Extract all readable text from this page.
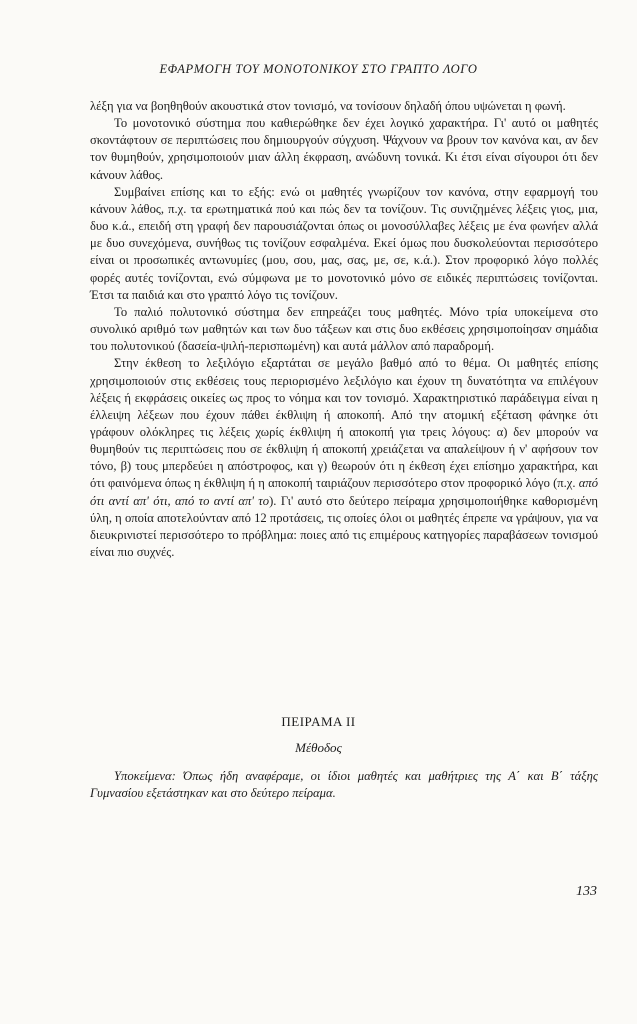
ΕΦΑΡΜΟΓΗ ΤΟΥ ΜΟΝΟΤΟΝΙΚΟΥ ΣΤΟ ΓΡΑΠΤΟ ΛΟΓΟ

λέξη για να βοηθηθούν ακουστικά στον τονισμό, να τονίσουν δηλαδή όπου υψώνεται η φωνή.

Το μονοτονικό σύστημα που καθιερώθηκε δεν έχει λογικό χαρακτήρα. Γι' αυτό οι μαθητές σκοντάφτουν σε περιπτώσεις που δημιουργούν σύγχυση. Ψάχνουν να βρουν τον κανόνα και, αν δεν τον θυμηθούν, χρησιμοποιούν μιαν άλλη έκφραση, ανώδυνη τονικά. Κι έτσι είναι σίγουροι ότι δεν κάνουν λάθος.

Συμβαίνει επίσης και το εξής: ενώ οι μαθητές γνωρίζουν τον κανόνα, στην εφαρμογή του κάνουν λάθος, π.χ. τα ερωτηματικά πού και πώς δεν τα τονίζουν. Τις συνιζημένες λέξεις γιος, μια, δυο κ.ά., επειδή στη γραφή δεν παρουσιάζονται όπως οι μονοσύλλαβες λέξεις με ένα φωνήεν αλλά με δυο συνεχόμενα, συνήθως τις τονίζουν εσφαλμένα. Εκεί όμως που δυσκολεύονται περισσότερο είναι οι προσωπικές αντωνυμίες (μου, σου, μας, σας, με, σε, κ.ά.). Στον προφορικό λόγο πολλές φορές αυτές τονίζονται, ενώ σύμφωνα με το μονοτονικό μόνο σε ειδικές περιπτώσεις τονίζονται. Έτσι τα παιδιά και στο γραπτό λόγο τις τονίζουν.

Το παλιό πολυτονικό σύστημα δεν επηρεάζει τους μαθητές. Μόνο τρία υποκείμενα στο συνολικό αριθμό των μαθητών και των δυο τάξεων και στις δυο εκθέσεις χρησιμοποίησαν σημάδια του πολυτονικού (δασεία-ψιλή-περισπωμένη) και αυτά μάλλον από παραδρομή.

Στην έκθεση το λεξιλόγιο εξαρτάται σε μεγάλο βαθμό από το θέμα. Οι μαθητές επίσης χρησιμοποιούν στις εκθέσεις τους περιορισμένο λεξιλόγιο και έχουν τη δυνατότητα να επιλέγουν λέξεις ή εκφράσεις οικείες ως προς το νόημα και τον τονισμό. Χαρακτηριστικό παράδειγμα είναι η έλλειψη λέξεων που έχουν πάθει έκθλιψη ή αποκοπή. Από την ατομική εξέταση φάνηκε ότι γράφουν ολόκληρες τις λέξεις χωρίς έκθλιψη ή αποκοπή για τρεις λόγους: α) δεν μπορούν να θυμηθούν τις περιπτώσεις που σε έκθλιψη ή αποκοπή χρειάζεται να απαλείψουν ή ν' αφήσουν τον τόνο, β) τους μπερδεύει η απόστροφος, και γ) θεωρούν ότι η έκθεση έχει επίσημο χαρακτήρα, και ότι φαινόμενα όπως η έκθλιψη ή η αποκοπή ταιριάζουν περισσότερο στον προφορικό λόγο (π.χ. από ότι αντί απ' ότι, από το αντί απ' το). Γι' αυτό στο δεύτερο πείραμα χρησιμοποιήθηκε καθορισμένη ύλη, η οποία αποτελούνταν από 12 προτάσεις, τις οποίες όλοι οι μαθητές έπρεπε να γράψουν, για να διευκρινιστεί περισσότερο το πρόβλημα: ποιες από τις επιμέρους κατηγορίες παραβάσεων τονισμού είναι πιο συχνές.

ΠΕΙΡΑΜΑ ΙΙ
Μέθοδος

Υποκείμενα: Όπως ήδη αναφέραμε, οι ίδιοι μαθητές και μαθήτριες της Α΄ και Β΄ τάξης Γυμνασίου εξετάστηκαν και στο δεύτερο πείραμα.

133
